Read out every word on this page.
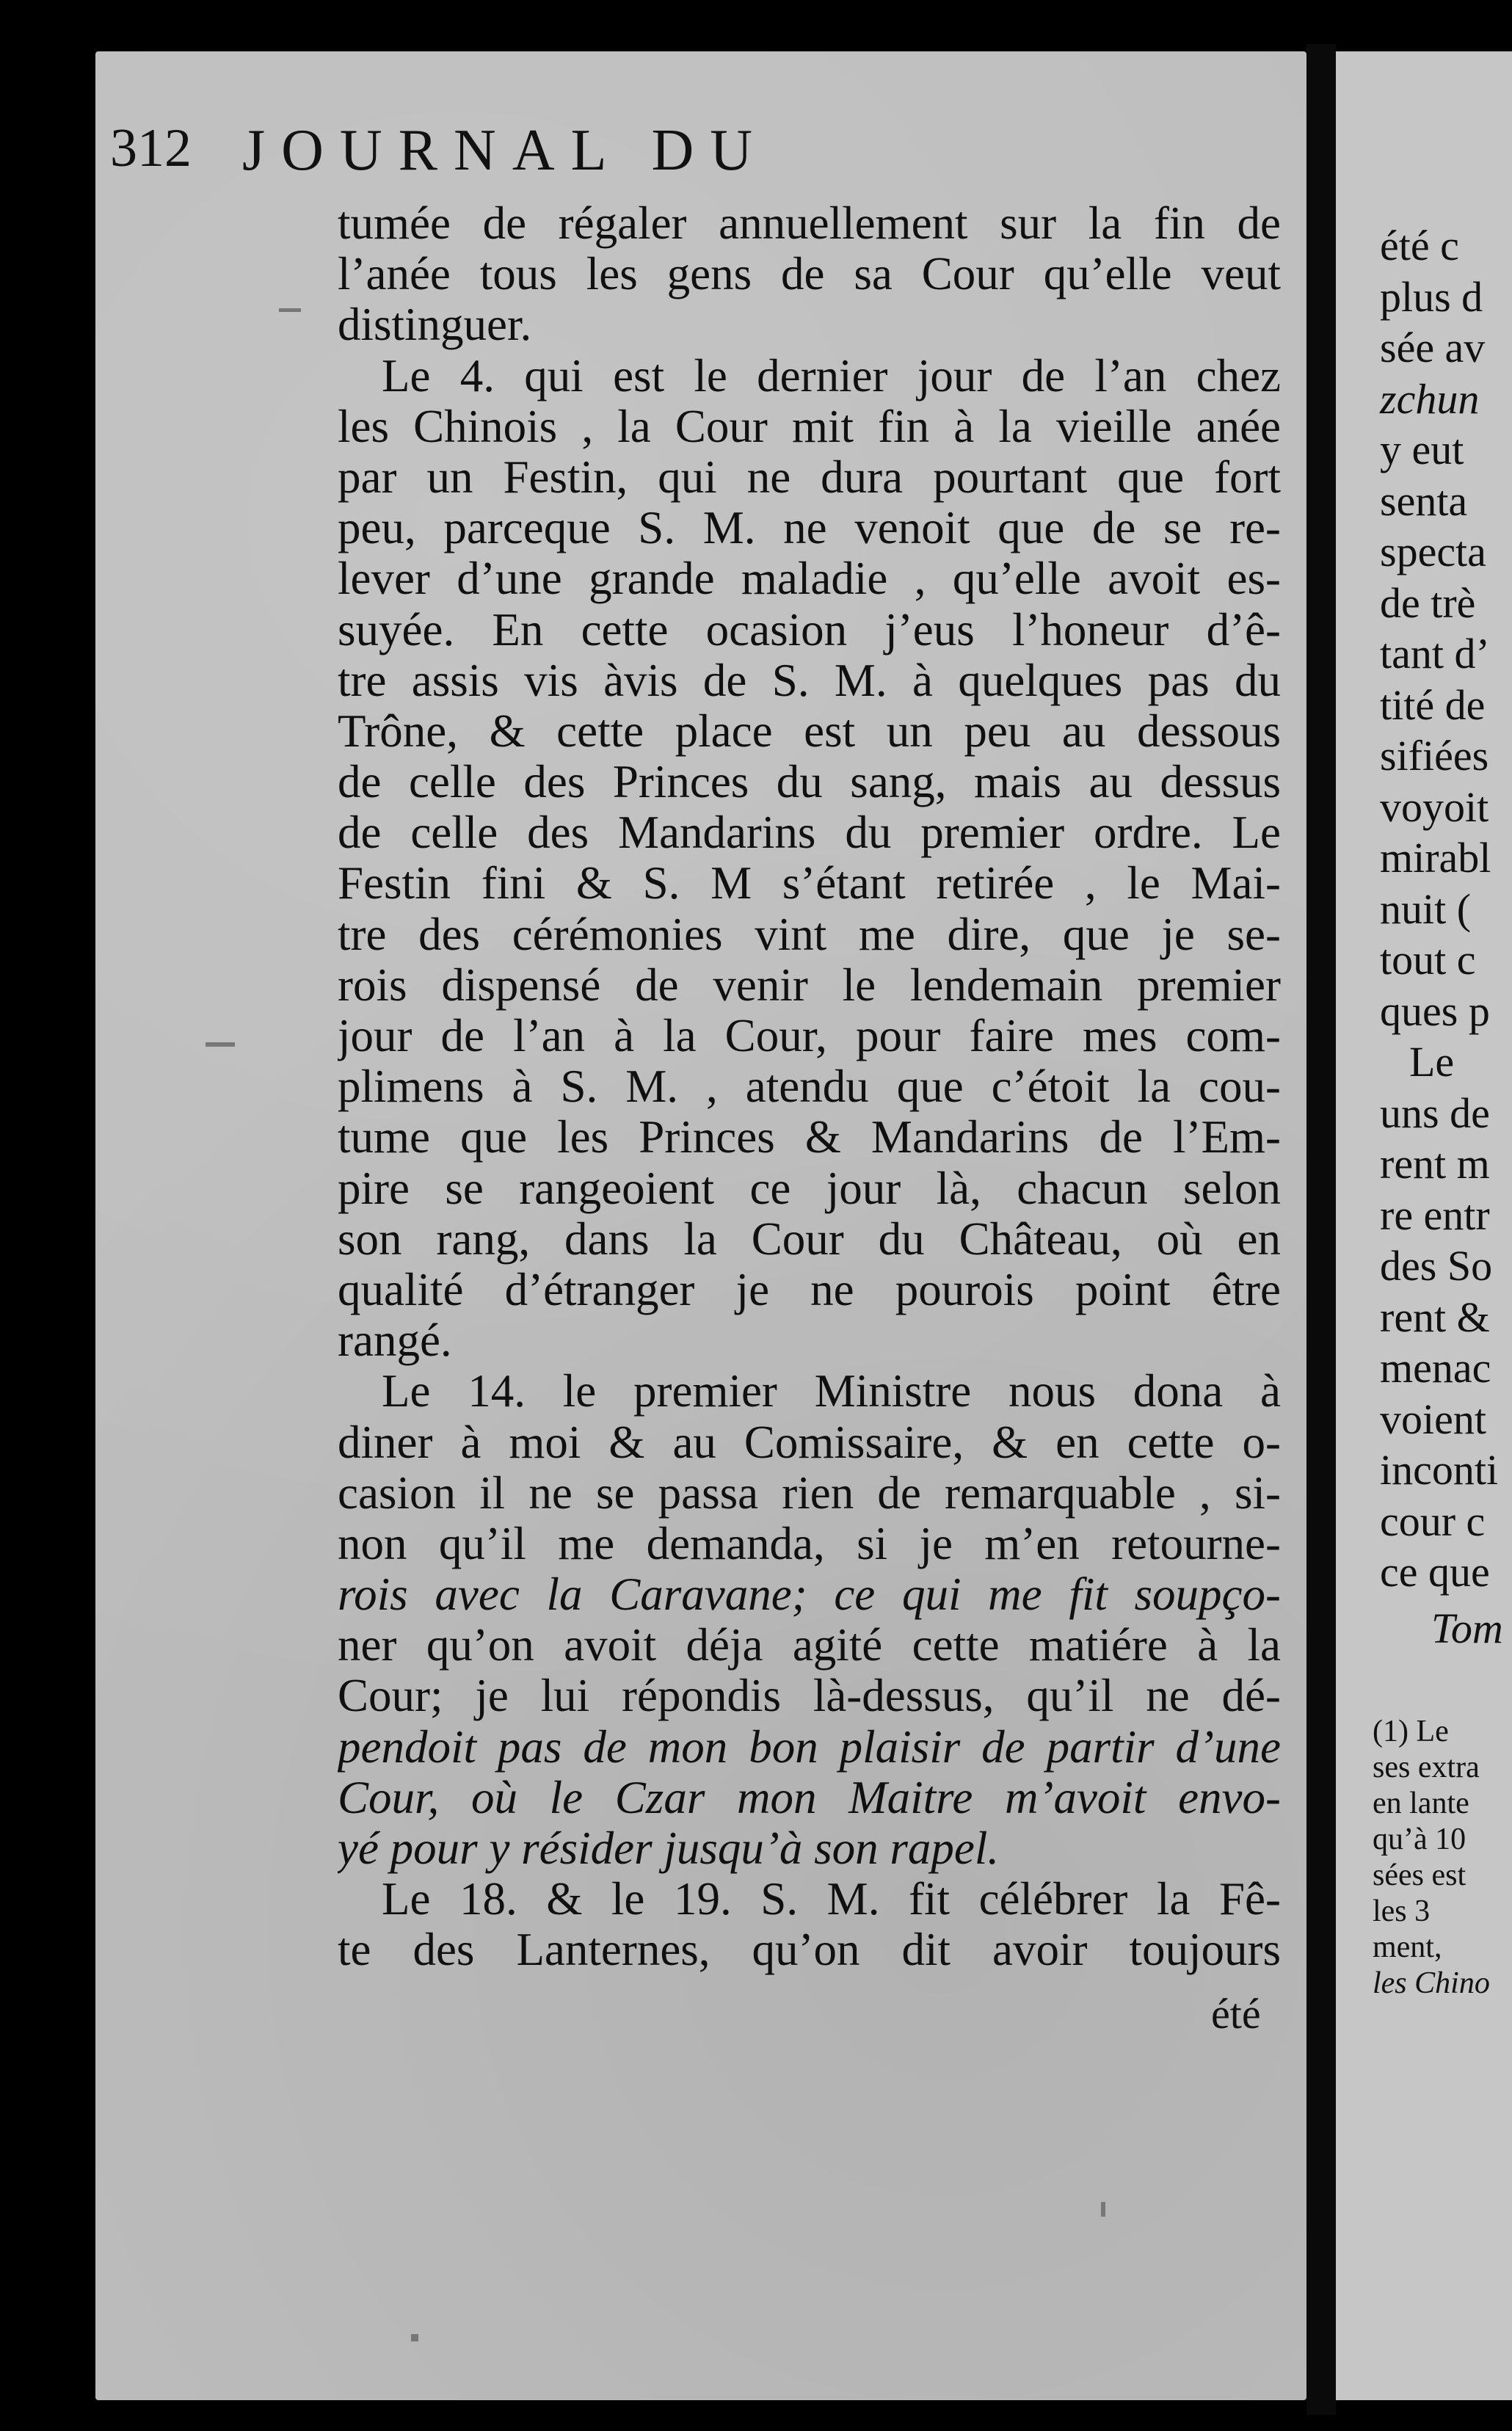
312 JOURNAL DU
tumée de régaler annuellement sur la fin de
l’anée tous les gens de sa Cour qu’elle veut
distinguer.
Le 4. qui est le dernier jour de l’an chez
les Chinois , la Cour mit fin à la vieille anée
par un Festin, qui ne dura pourtant que fort
peu, parceque S. M. ne venoit que de se re-
lever d’une grande maladie , qu’elle avoit es-
suyée. En cette ocasion j’eus l’honeur d’ê-
tre assis vis àvis de S. M. à quelques pas du
Trône, & cette place est un peu au dessous
de celle des Princes du sang, mais au dessus
de celle des Mandarins du premier ordre. Le
Festin fini & S. M s’étant retirée , le Mai-
tre des cérémonies vint me dire, que je se-
rois dispensé de venir le lendemain premier
jour de l’an à la Cour, pour faire mes com-
plimens à S. M. , atendu que c’étoit la cou-
tume que les Princes & Mandarins de l’Em-
pire se rangeoient ce jour là, chacun selon
son rang, dans la Cour du Château, où en
qualité d’étranger je ne pourois point être
rangé.
Le 14. le premier Ministre nous dona à
diner à moi & au Comissaire, & en cette o-
casion il ne se passa rien de remarquable , si-
non qu’il me demanda, si je m’en retourne-
rois avec la Caravane; ce qui me fit soupço-
ner qu’on avoit déja agité cette matiére à la
Cour; je lui répondis là-dessus, qu’il ne dé-
pendoit pas de mon bon plaisir de partir d’une
Cour, où le Czar mon Maitre m’avoit envo-
yé pour y résider jusqu’à son rapel.
Le 18. & le 19. S. M. fit célébrer la Fê-
te des Lanternes, qu’on dit avoir toujours
été
été c
plus d
sée av
zchun
y eut
senta
specta
de trè
tant d’
tité de
sifiées
voyoit
mirabl
nuit (
tout c
ques p
Le
uns de
rent m
re entr
des So
rent &
menac
voient
inconti
cour c
ce que
Tom
(1) Le
ses extra
en lante
qu’à 10
sées est
les 3
ment,
les Chino
